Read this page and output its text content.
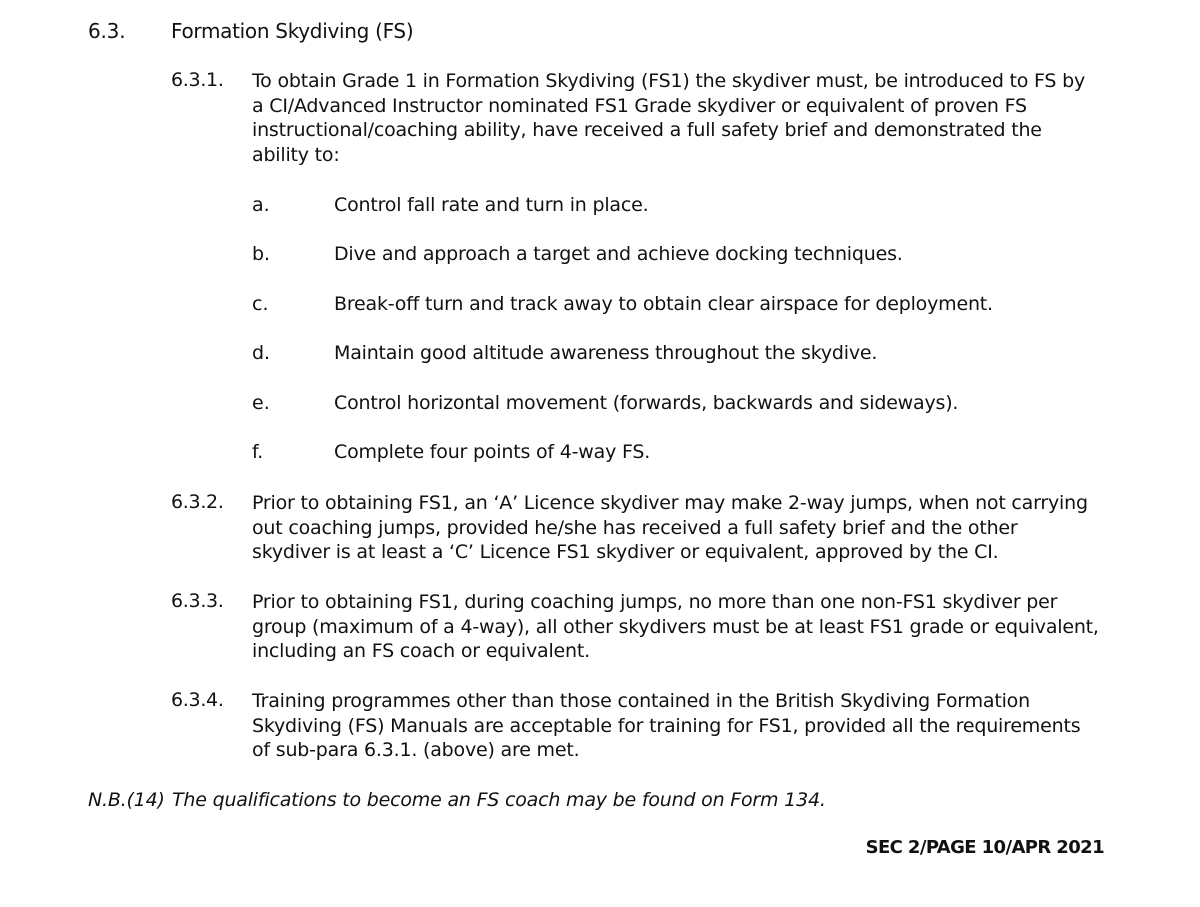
6.3. Formation Skydiving (FS)
6.3.1. To obtain Grade 1 in Formation Skydiving (FS1) the skydiver must, be introduced to FS by
a CI/Advanced Instructor nominated FS1 Grade skydiver or equivalent of proven FS
instructional/coaching ability, have received a full safety brief and demonstrated the
ability to:
a.	Control fall rate and turn in place.
b.	Dive and approach a target and achieve docking techniques.
c.	Break-off turn and track away to obtain clear airspace for deployment.
d.	Maintain good altitude awareness throughout the skydive.
e.	Control horizontal movement (forwards, backwards and sideways).
f.	Complete four points of 4-way FS.
6.3.2. Prior to obtaining FS1, an ‘A’ Licence skydiver may make 2-way jumps, when not carrying
out coaching jumps, provided he/she has received a full safety brief and the other
skydiver is at least a ‘C’ Licence FS1 skydiver or equivalent, approved by the CI.
6.3.3. Prior to obtaining FS1, during coaching jumps, no more than one non-FS1 skydiver per
group (maximum of a 4-way), all other skydivers must be at least FS1 grade or equivalent,
including an FS coach or equivalent.
6.3.4. Training programmes other than those contained in the British Skydiving Formation
Skydiving (FS) Manuals are acceptable for training for FS1, provided all the requirements
of sub-para 6.3.1. (above) are met.
N.B.(14) The qualifications to become an FS coach may be found on Form 134.
SEC 2/PAGE 10/APR 2021
